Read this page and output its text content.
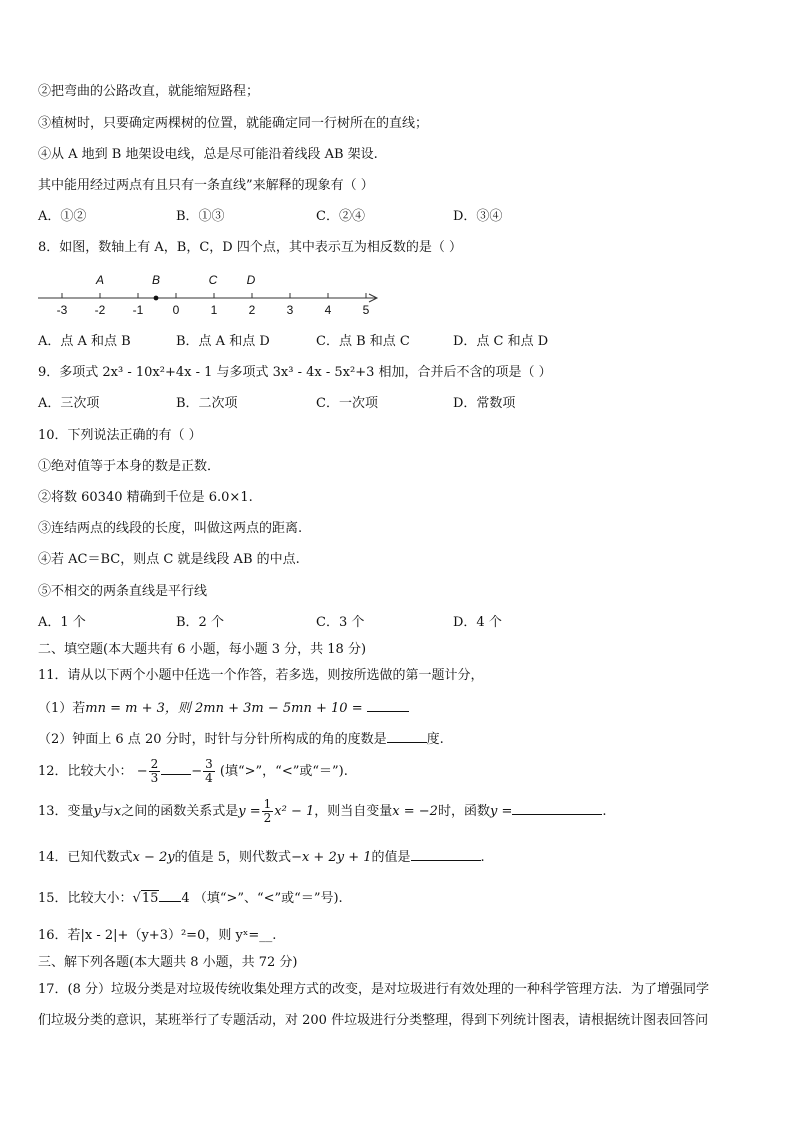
②把弯曲的公路改直，就能缩短路程；
③植树时，只要确定两棵树的位置，就能确定同一行树所在的直线；
④从 A 地到 B 地架设电线，总是尽可能沿着线段 AB 架设.
其中能用经过两点有且只有一条直线”来解释的现象有（ ）
A．①②	B．①③	C．②④	D．③④
8．如图，数轴上有 A，B，C，D 四个点，其中表示互为相反数的是（ ）
-3 -2 -1 0	1	2	3	4	5
A	B	C D
A．点 A 和点 B	B．点 A 和点 D	C．点 B 和点 C	D．点 C 和点 D
9．多项式 2x³ - 10x²+4x - 1 与多项式 3x³ - 4x - 5x²+3 相加，合并后不含的项是（ ）
A．三次项	B．二次项	C．一次项	D．常数项
10．下列说法正确的有（ ）
①绝对值等于本身的数是正数．
②将数 60340 精确到千位是 6.0×1.
③连结两点的线段的长度，叫做这两点的距离.
④若 AC＝BC，则点 C 就是线段 AB 的中点.
⑤不相交的两条直线是平行线
A．1 个	B．2 个	C．3 个	D．4 个
二、填空题(本大题共有 6 小题，每小题 3 分，共 18 分)
11．请从以下两个小题中任选一个作答，若多选，则按所选做的第一题计分，
（1）若mn = m + 3，则 2mn + 3m − 5mn + 10 =
（2）钟面上 6 点 20 分时，时针与分针所构成的角的度数是	度.
12．比较大小： − $\frac{2}{3} - \frac{3}{4}$ (填“>”，“<”或“＝”).
13．变量y与x之间的函数关系式是$y = \frac{1}{2} x^2 - 1$，则当自变量x = −2时，函数y =	.
14．已知代数式x − 2y的值是 5，则代数式−x + 2y + 1的值是	.
15．比较大小：√15 4 （填“>”、“<”或“＝”号).
16．若|x - 2|+（y+3）²=0，则 yˣ=__.
三、解下列各题(本大题共 8 小题，共 72 分)
17．(8 分）垃圾分类是对垃圾传统收集处理方式的改变，是对垃圾进行有效处理的一种科学管理方法．为了增强同学
们垃圾分类的意识，某班举行了专题活动，对 200 件垃圾进行分类整理，得到下列统计图表，请根据统计图表回答问
